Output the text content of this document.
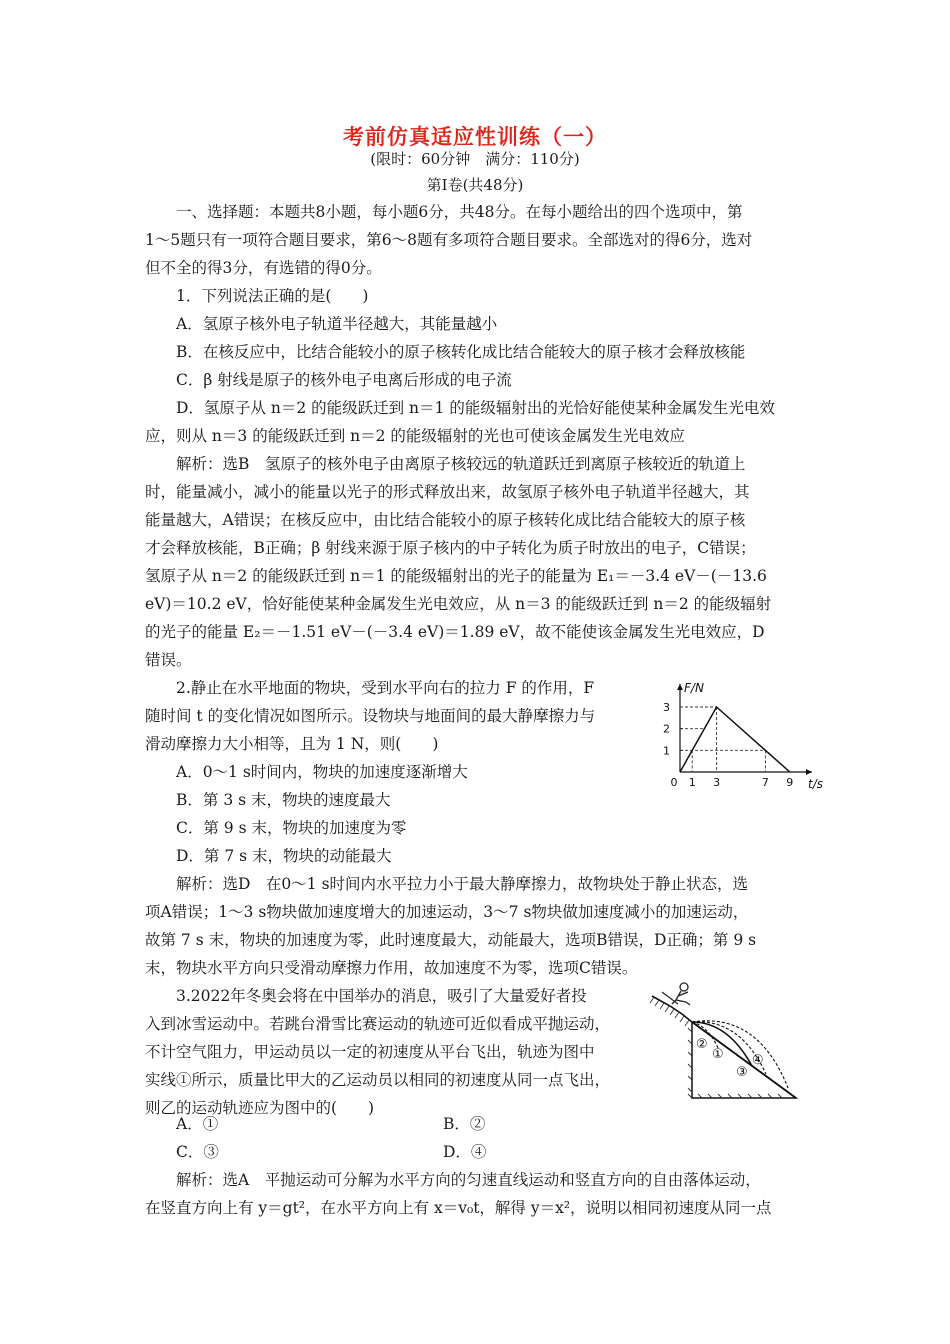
考前仿真适应性训练（一）
(限时：60分钟　满分：110分)
第Ⅰ卷(共48分)
一、选择题：本题共8小题，每小题6分，共48分。在每小题给出的四个选项中，第
1～5题只有一项符合题目要求，第6～8题有多项符合题目要求。全部选对的得6分，选对
但不全的得3分，有选错的得0分。
1．下列说法正确的是(　　)
A．氢原子核外电子轨道半径越大，其能量越小
B．在核反应中，比结合能较小的原子核转化成比结合能较大的原子核才会释放核能
C．β 射线是原子的核外电子电离后形成的电子流
D．氢原子从 n＝2 的能级跃迁到 n＝1 的能级辐射出的光恰好能使某种金属发生光电效
应，则从 n＝3 的能级跃迁到 n＝2 的能级辐射的光也可使该金属发生光电效应
解析：选B　氢原子的核外电子由离原子核较远的轨道跃迁到离原子核较近的轨道上
时，能量减小，减小的能量以光子的形式释放出来，故氢原子核外电子轨道半径越大，其
能量越大，A错误；在核反应中，由比结合能较小的原子核转化成比结合能较大的原子核
才会释放核能，B正确；β 射线来源于原子核内的中子转化为质子时放出的电子，C错误；
氢原子从 n＝2 的能级跃迁到 n＝1 的能级辐射出的光子的能量为 E₁＝－3.4 eV－(－13.6
eV)＝10.2 eV，恰好能使某种金属发生光电效应，从 n＝3 的能级跃迁到 n＝2 的能级辐射
的光子的能量 E₂＝－1.51 eV－(－3.4 eV)＝1.89 eV，故不能使该金属发生光电效应，D
错误。
2.静止在水平地面的物块，受到水平向右的拉力 F 的作用，F
随时间 t 的变化情况如图所示。设物块与地面间的最大静摩擦力与
滑动摩擦力大小相等，且为 1 N，则(　　)
A．0～1 s时间内，物块的加速度逐渐增大
B．第 3 s 末，物块的速度最大
C．第 9 s 末，物块的加速度为零
D．第 7 s 末，物块的动能最大
解析：选D　在0～1 s时间内水平拉力小于最大静摩擦力，故物块处于静止状态，选
项A错误；1～3 s物块做加速度增大的加速运动，3～7 s物块做加速度减小的加速运动，
故第 7 s 末，物块的加速度为零，此时速度最大，动能最大，选项B错误，D正确；第 9 s
末，物块水平方向只受滑动摩擦力作用，故加速度不为零，选项C错误。
F/N
t/s
1
2
3
0 1 3	7 9
3.2022年冬奥会将在中国举办的消息，吸引了大量爱好者投
入到冰雪运动中。若跳台滑雪比赛运动的轨迹可近似看成平抛运动，
不计空气阻力，甲运动员以一定的初速度从平台飞出，轨迹为图中
实线①所示，质量比甲大的乙运动员以相同的初速度从同一点飞出，
则乙的运动轨迹应为图中的(　　)
A．①	B．②
C．③	D．④
解析：选A　平抛运动可分解为水平方向的匀速直线运动和竖直方向的自由落体运动，
在竖直方向上有 y＝gt²，在水平方向上有 x＝v₀t，解得 y＝x²，说明以相同初速度从同一点
②
①
③
④
